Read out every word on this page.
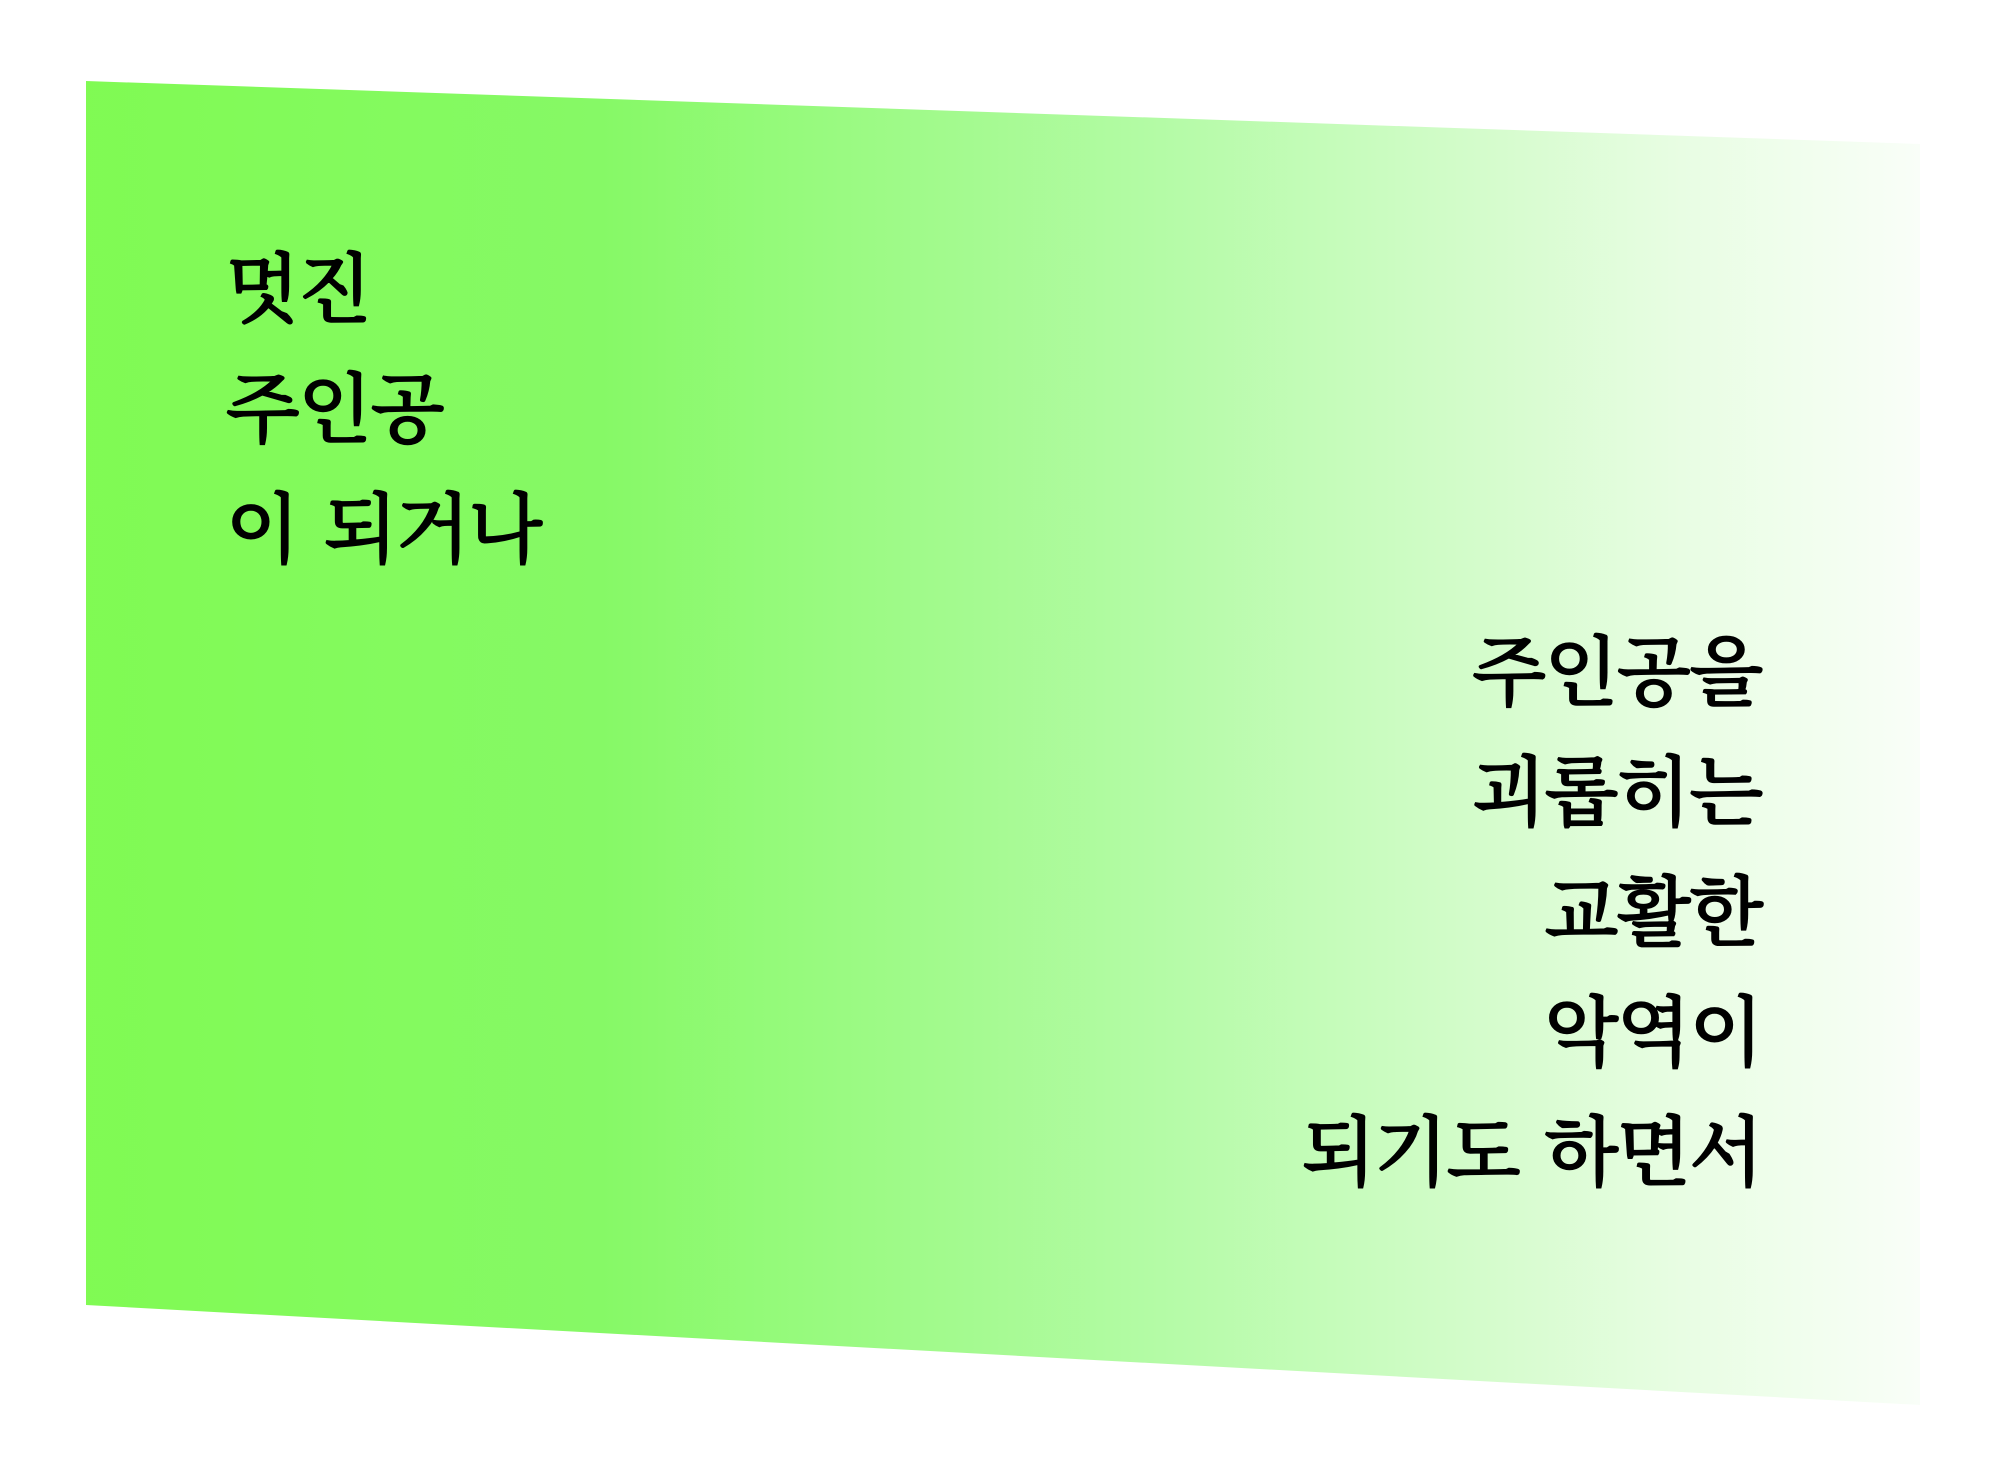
멋진
주인공
이 되거나
주인공을
괴롭히는
교활한
악역이
되기도 하면서
